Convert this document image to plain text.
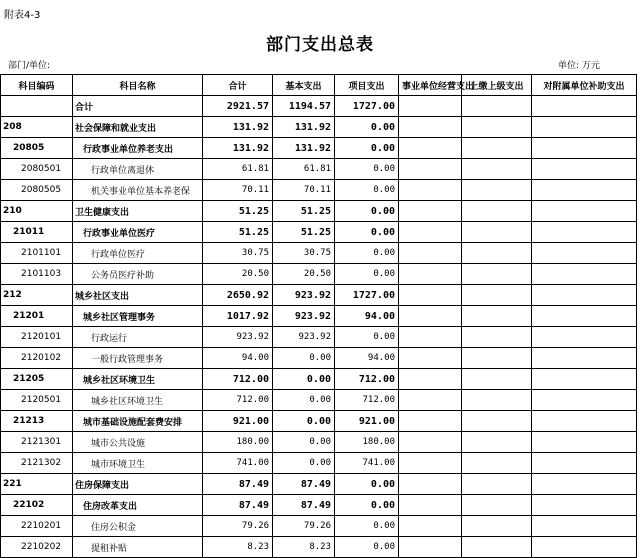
附表4-3
部门支出总表
部门/单位:	单位: 万元
科目编码	科目名称	合计	基本支出	项目支出	事业单位经营支出	上缴上级支出	对附属单位补助支出
	合计	2921.57	1194.57	1727.00			
208	社会保障和就业支出	131.92	131.92	0.00			
20805	行政事业单位养老支出	131.92	131.92	0.00			
2080501	行政单位离退休	61.81	61.81	0.00			
2080505	机关事业单位基本养老保	70.11	70.11	0.00			
210	卫生健康支出	51.25	51.25	0.00			
21011	行政事业单位医疗	51.25	51.25	0.00			
2101101	行政单位医疗	30.75	30.75	0.00			
2101103	公务员医疗补助	20.50	20.50	0.00			
212	城乡社区支出	2650.92	923.92	1727.00			
21201	城乡社区管理事务	1017.92	923.92	94.00			
2120101	行政运行	923.92	923.92	0.00			
2120102	一般行政管理事务	94.00	0.00	94.00			
21205	城乡社区环境卫生	712.00	0.00	712.00			
2120501	城乡社区环境卫生	712.00	0.00	712.00			
21213	城市基础设施配套费安排	921.00	0.00	921.00			
2121301	城市公共设施	180.00	0.00	180.00			
2121302	城市环境卫生	741.00	0.00	741.00			
221	住房保障支出	87.49	87.49	0.00			
22102	住房改革支出	87.49	87.49	0.00			
2210201	住房公积金	79.26	79.26	0.00			
2210202	提租补贴	8.23	8.23	0.00			
